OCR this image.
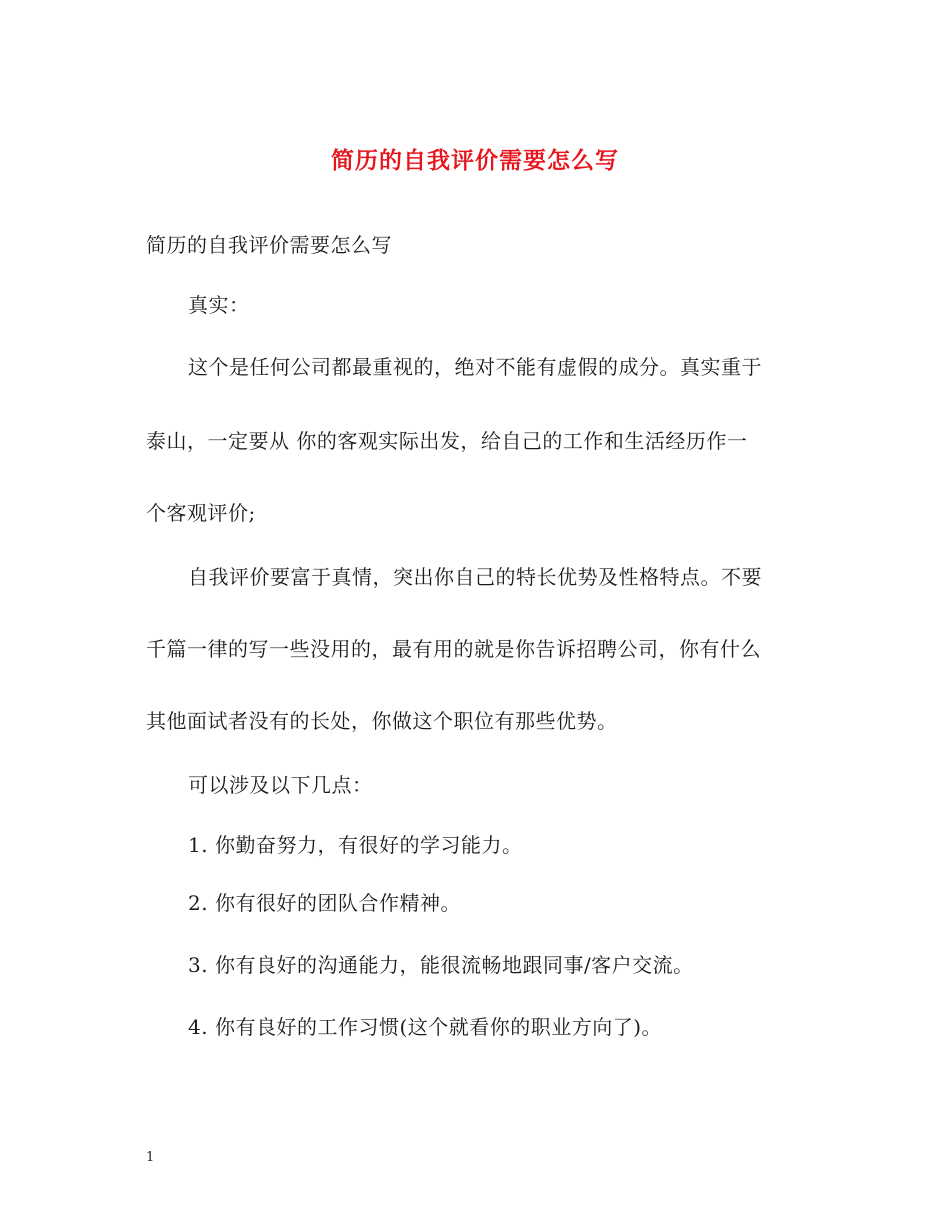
简历的自我评价需要怎么写
简历的自我评价需要怎么写
真实：
这个是任何公司都最重视的，绝对不能有虚假的成分。真实重于
泰山，一定要从 你的客观实际出发，给自己的工作和生活经历作一
个客观评价;
自我评价要富于真情，突出你自己的特长优势及性格特点。不要
千篇一律的写一些没用的，最有用的就是你告诉招聘公司，你有什么
其他面试者没有的长处，你做这个职位有那些优势。
可以涉及以下几点：
1. 你勤奋努力，有很好的学习能力。
2. 你有很好的团队合作精神。
3. 你有良好的沟通能力，能很流畅地跟同事/客户交流。
4. 你有良好的工作习惯(这个就看你的职业方向了)。
1
